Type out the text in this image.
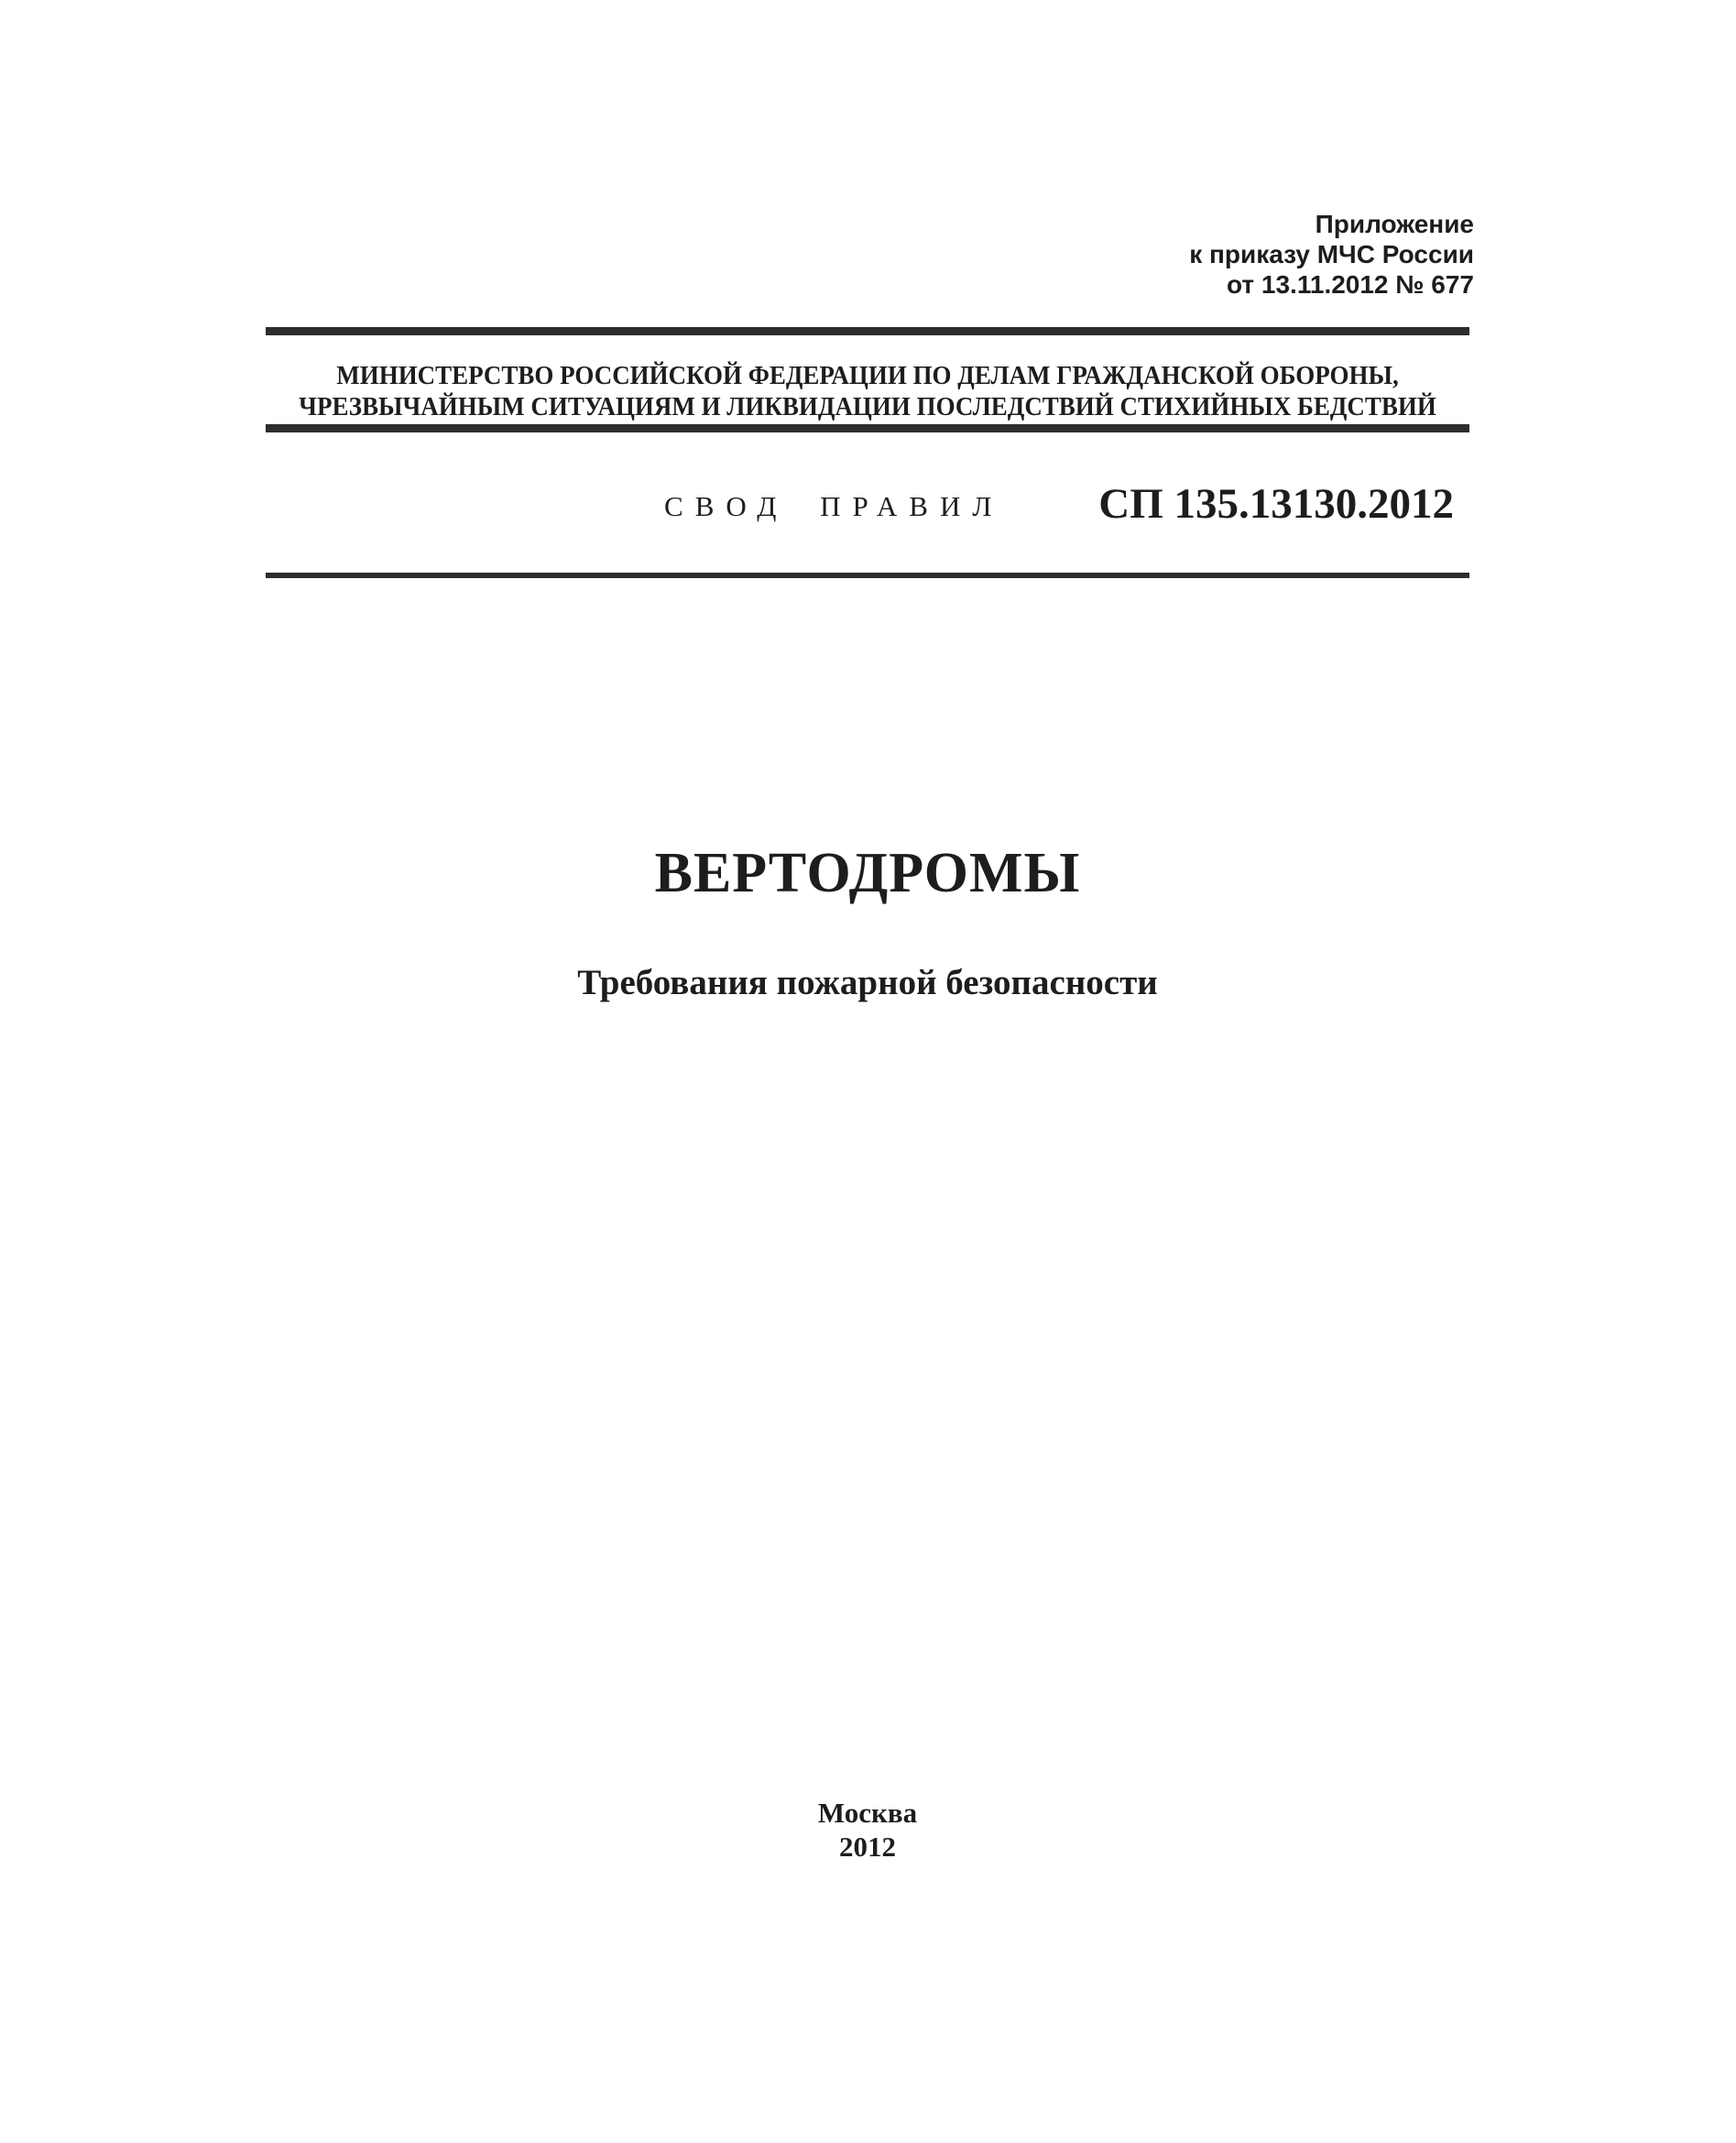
Приложение
к приказу МЧС России
от 13.11.2012 № 677
МИНИСТЕРСТВО РОССИЙСКОЙ ФЕДЕРАЦИИ ПО ДЕЛАМ ГРАЖДАНСКОЙ ОБОРОНЫ,
ЧРЕЗВЫЧАЙНЫМ СИТУАЦИЯМ И ЛИКВИДАЦИИ ПОСЛЕДСТВИЙ СТИХИЙНЫХ БЕДСТВИЙ
СВОД ПРАВИЛ СП 135.13130.2012
ВЕРТОДРОМЫ
Требования пожарной безопасности
Москва
2012
